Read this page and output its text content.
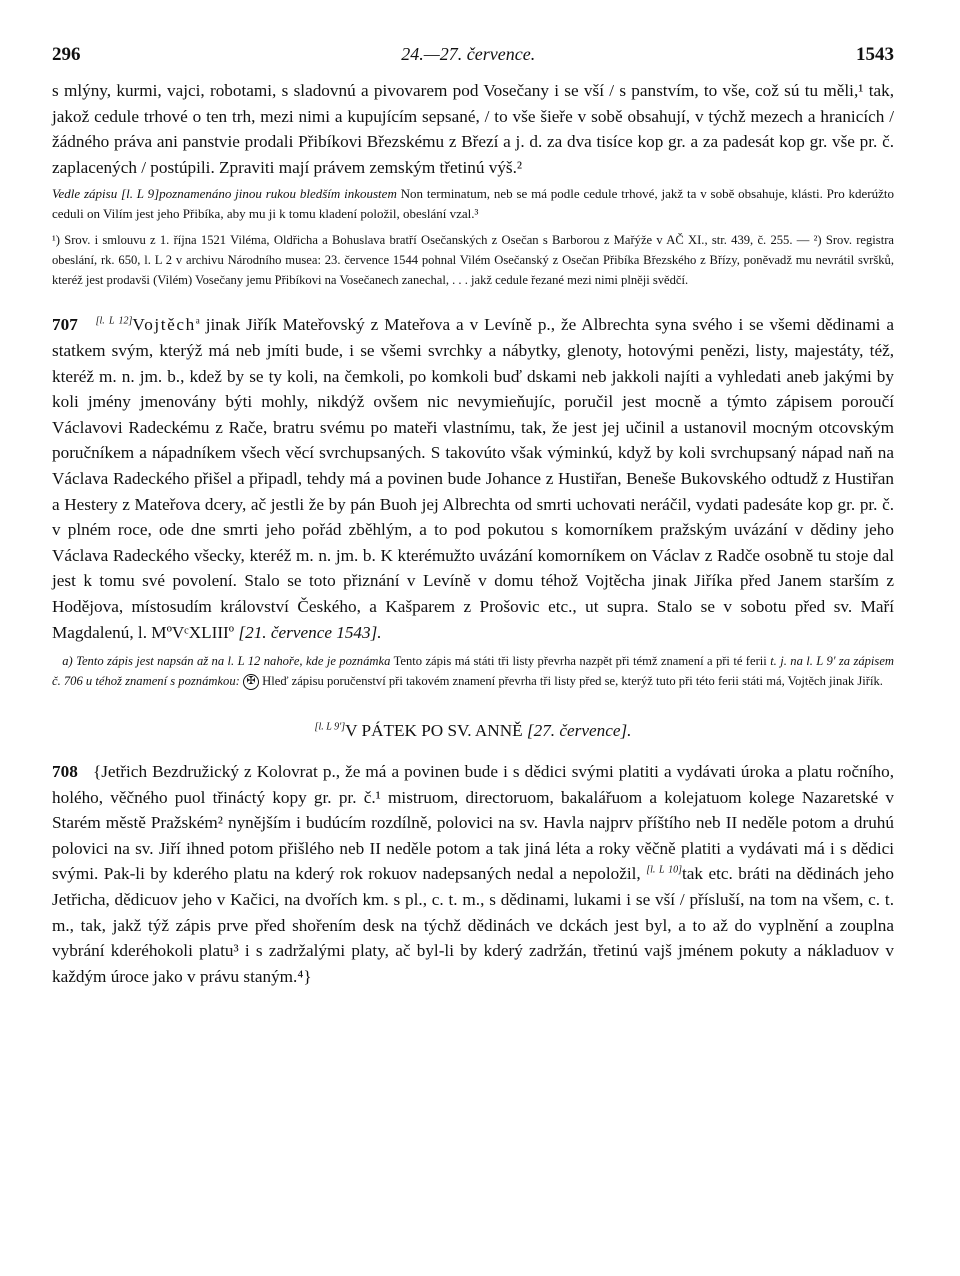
296	24.—27. července.	1543

s mlýny, kurmi, vajci, robotami, s sladovnú a pivovarem pod Vosečany i se vší / s panstvím, to vše, což sú tu měli,¹ tak, jakož cedule trhové o ten trh, mezi nimi a kupujícím sepsané, / to vše šieře v sobě obsahují, v týchž mezech a hranicích / žádného práva ani panstvie prodali Přibíkovi Březskému z Březí a j. d. za dva tisíce kop gr. a za padesát kop gr. vše pr. č. zaplacených / postúpili. Zpraviti mají právem zemským třetinú výš.²

Vedle zápisu [l. L 9]poznamenáno jinou rukou bledším inkoustem Non terminatum, neb se má podle cedule trhové, jakž ta v sobě obsahuje, klásti. Pro kderúžto ceduli on Vilím jest jeho Přibíka, aby mu ji k tomu kladení položil, obeslání vzal.³

¹) Srov. i smlouvu z 1. října 1521 Viléma, Oldřicha a Bohuslava bratří Osečanských z Osečan s Barborou z Mařýže v AČ XI., str. 439, č. 255. — ²) Srov. registra obeslání, rk. 650, l. L 2 v archivu Národního musea: 23. července 1544 pohnal Vilém Osečanský z Osečan Přibíka Březského z Břízy, poněvadž mu nevrátil svršků, kteréž jest prodavši (Vilém) Vosečany jemu Přibíkovi na Vosečanech zanechal, . . . jakž cedule řezané mezi nimi plněji svědčí.

707 [l. L 12]Vojtěch$^a$ jinak Jiřík Mateřovský z Mateřova a v Levíně p., že Albrechta syna svého i se všemi dědinami a statkem svým, kterýž má neb jmíti bude, i se všemi svrchky a nábytky, glenoty, hotovými penězi, listy, majestáty, též, kteréž m. n. jm. b., kdež by se ty koli, na čemkoli, po komkoli buď dskami neb jakkoli najíti a vyhledati aneb jakými by koli jmény jmenovány býti mohly, nikdýž ovšem nic nevymieňujíc, poručil jest mocně a týmto zápisem poroučí Václavovi Radeckému z Rače, bratru svému po mateři vlastnímu, tak, že jest jej učinil a ustanovil mocným otcovským poručníkem a nápadníkem všech věcí svrchupsaných. S takovúto však výminkú, když by koli svrchupsaný nápad naň na Václava Radeckého přišel a připadl, tehdy má a povinen bude Johance z Hustiřan, Beneše Bukovského odtudž z Hustiřan a Hestery z Mateřova dcery, ač jestli že by pán Buoh jej Albrechta od smrti uchovati neráčil, vydati padesáte kop gr. pr. č. v plném roce, ode dne smrti jeho pořád zběhlým, a to pod pokutou s komorníkem pražským uvázání v dědiny jeho Václava Radeckého všecky, kteréž m. n. jm. b. K kterémužto uvázání komorníkem on Václav z Radče osobně tu stoje dal jest k tomu své povolení. Stalo se toto přiznání v Levíně v domu téhož Vojtěcha jinak Jiříka před Janem starším z Hodějova, místosudím království Českého, a Kašparem z Prošovic etc., ut supra. Stalo se v sobotu před sv. Maří Magdalenú, l. MºVᶜXLIIIº [21. července 1543].

a) Tento zápis jest napsán až na l. L 12 nahoře, kde je poznámka Tento zápis má státi tři listy převrha nazpět při témž znamení a při té ferii t. j. na l. L 9' za zápisem č. 706 u téhož znamení s poznámkou: ✠ Hleď zápisu poručenství při takovém znamení převrha tři listy před se, kterýž tuto při této ferii státi má, Vojtěch jinak Jiřík.

[l. L 9']V PÁTEK PO SV. ANNĚ [27. července].

708 {Jetřich Bezdružický z Kolovrat p., že má a povinen bude i s dědici svými platiti a vydávati úroka a platu ročního, holého, věčného puol třináctý kopy gr. pr. č.¹ mistruom, directoruom, bakalářuom a kolejatuom kolege Nazaretské v Starém městě Pražském² nynějším i budúcím rozdílně, polovici na sv. Havla najprv příštího neb II neděle potom a druhú polovici na sv. Jiří ihned potom přišlého neb II neděle potom a tak jiná léta a roky věčně platiti a vydávati má i s dědici svými. Pak-li by kderého platu na kderý rok rokuov nadepsaných nedal a nepoložil, [l. L 10]tak etc. bráti na dědinách jeho Jetřicha, dědicuov jeho v Kačici, na dvořích km. s pl., c. t. m., s dědinami, lukami i se vší / přísluší, na tom na všem, c. t. m., tak, jakž týž zápis prve před shořením desk na týchž dědinách ve dckách jest byl, a to až do vyplnění a zouplna vybrání kderéhokoli platu³ i s zadržalými platy, ač byl-li by kderý zadržán, třetinú vajš jménem pokuty a nákladuov v každým úroce jako v právu staným.⁴}
